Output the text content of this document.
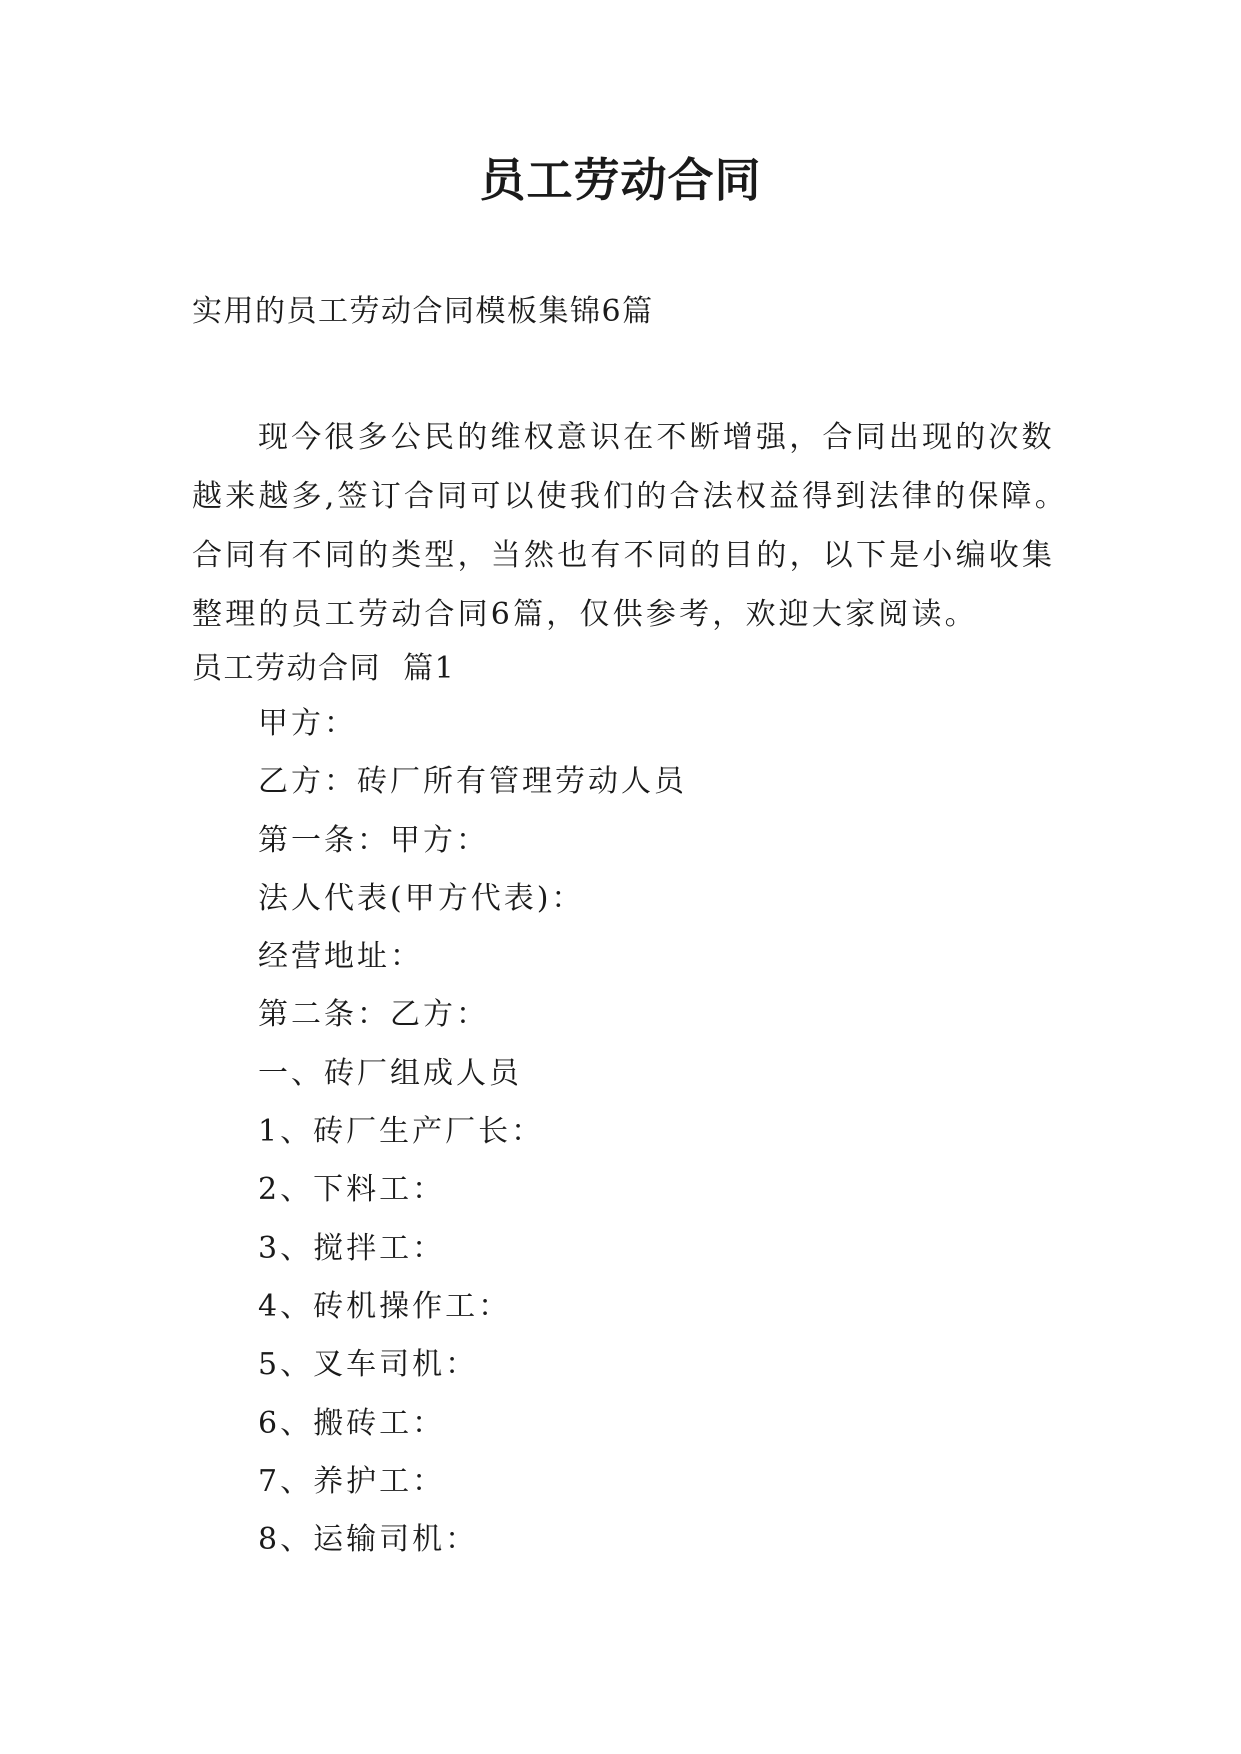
员工劳动合同
实用的员工劳动合同模板集锦6篇

现今很多公民的维权意识在不断增强，合同出现的次数
越来越多,签订合同可以使我们的合法权益得到法律的保障。
合同有不同的类型，当然也有不同的目的，以下是小编收集
整理的员工劳动合同6篇，仅供参考，欢迎大家阅读。

员工劳动合同  篇1
甲方：
乙方：砖厂所有管理劳动人员
第一条：甲方：
法人代表(甲方代表)：
经营地址：
第二条：乙方：
一、砖厂组成人员
1、砖厂生产厂长：
2、下料工：
3、搅拌工：
4、砖机操作工：
5、叉车司机：
6、搬砖工：
7、养护工：
8、运输司机：
